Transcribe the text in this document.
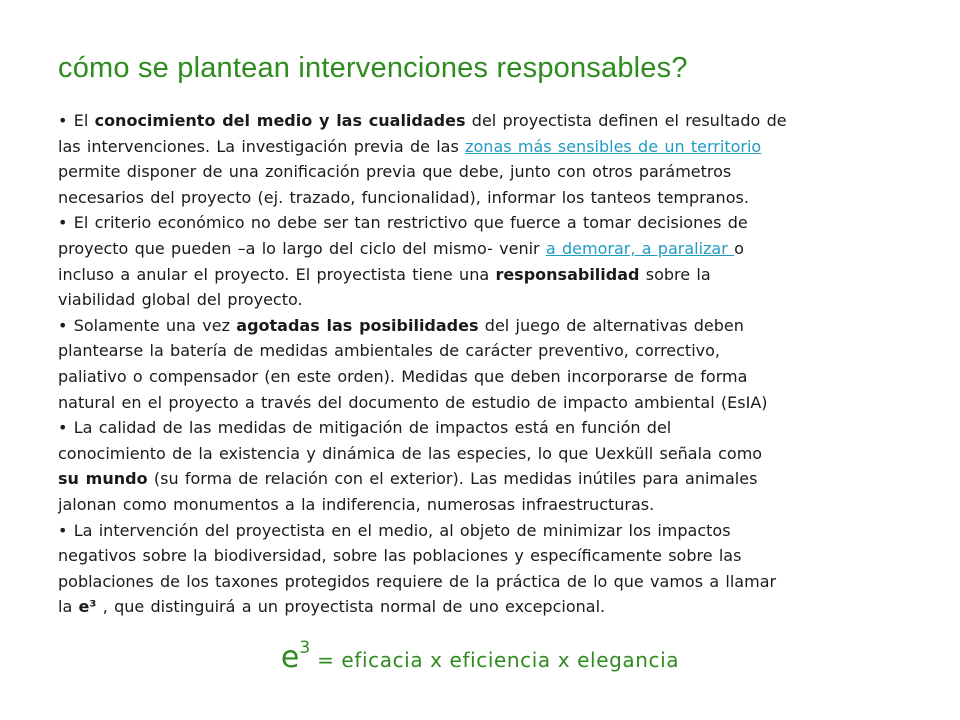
cómo se plantean intervenciones responsables?

• El conocimiento del medio y las cualidades del proyectista definen el resultado de

las intervenciones. La investigación previa de las zonas más sensibles de un territorio

permite disponer de una zonificación previa que debe, junto con otros parámetros

necesarios del proyecto (ej. trazado, funcionalidad), informar los tanteos tempranos.

• El criterio económico no debe ser tan restrictivo que fuerce a tomar decisiones de

proyecto que pueden –a lo largo del ciclo del mismo- venir a demorar, a paralizar o

incluso a anular el proyecto. El proyectista tiene una responsabilidad sobre la

viabilidad global del proyecto.

• Solamente una vez agotadas las posibilidades del juego de alternativas deben

plantearse la batería de medidas ambientales de carácter preventivo, correctivo,

paliativo o compensador (en este orden). Medidas que deben incorporarse de forma

natural en el proyecto a través del documento de estudio de impacto ambiental (EsIA)

• La calidad de las medidas de mitigación de impactos está en función del

conocimiento de la existencia y dinámica de las especies, lo que Uexküll señala como

su mundo (su forma de relación con el exterior). Las medidas inútiles para animales

jalonan como monumentos a la indiferencia, numerosas infraestructuras.

• La intervención del proyectista en el medio, al objeto de minimizar los impactos

negativos sobre la biodiversidad, sobre las poblaciones y específicamente sobre las

poblaciones de los taxones protegidos requiere de la práctica de lo que vamos a llamar

la e³ , que distinguirá a un proyectista normal de uno excepcional.

$e^3$ = eficacia x eficiencia x elegancia
